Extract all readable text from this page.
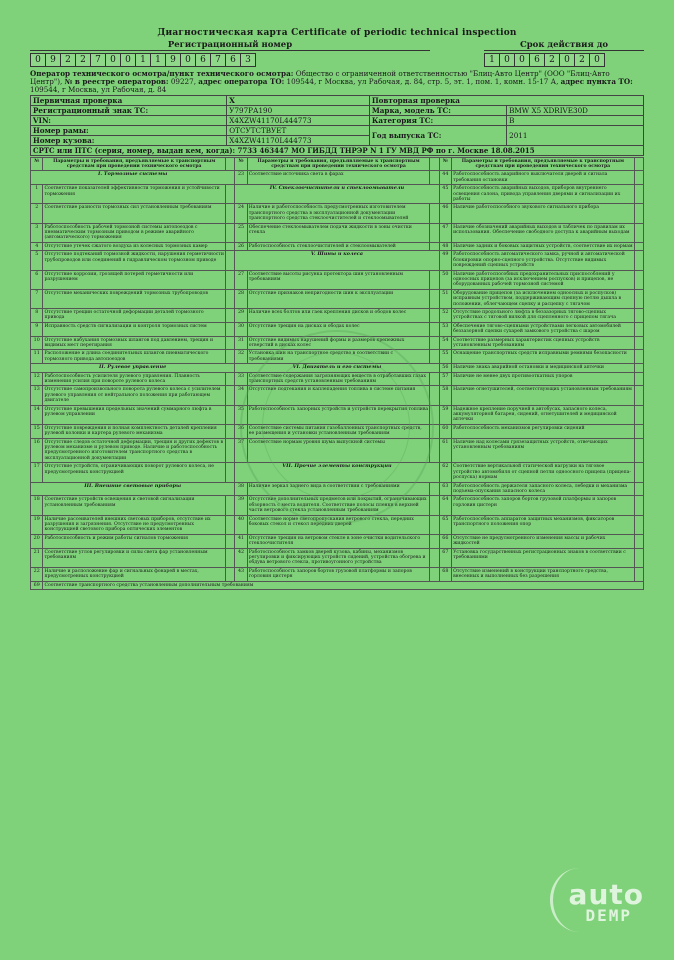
Диагностическая карта Certificate of periodic technical inspection
Регистрационный номер
0	9	2	2	7	0	0	1	1	9	0	6	7	6	3
Срок действия до
1	0	0	6	2	0	2	0
Оператор технического осмотра/пункт технического осмотра: Общество с ограниченной ответственностью "Блиц-Авто Центр" (ООО "Блиц-Авто Центр"), № в реестре операторов: 09227, адрес оператора ТО: 109544, г Москва, ул Рабочая, д. 84, стр. 5, эт. 1, пом. 1, комн. 15-17 А, адрес пункта ТО: 109544, г Москва, ул Рабочая, д. 84
Первичная проверка	X	Повторная проверка	
Регистрационный знак ТС:	У797РА190	Марка, модель ТС:	BMW X5 XDRIVE30D
VIN:	X4XZW41170L444773	Категория ТС:	B
Номер рамы:	ОТСУТСТВУЕТ	Год выпуска ТС:	2011
Номер кузова:	X4XZW41170L444773		
СРТС или ПТС (серия, номер, выдан кем, когда): 7733 463447 МО ГИБДД ТНРЭР N 1 ГУ МВД РФ по г. Москве 18.08.2015
№	Параметры и требования, предъявляемые к транспортным средствам при проведении технического осмотра		№	Параметры и требования, предъявляемые к транспортным средствам при проведении технического осмотра		№	Параметры и требования, предъявляемые к транспортным средствам при проведении технического осмотра	
I. Тормозные системы			23	Соответствие источника света в фарах		44	Работоспособность аварийного выключателя дверей и сигнала требования остановки	
1	Соответствие показателей эффективности торможения и устойчивости торможения		IV. Стеклоочистители и стеклоомыватели			45	Работоспособность аварийных выходов, приборов внутреннего освещения салона, привода управления дверями и сигнализации их работы	
2	Соответствие разности тормозных сил установленным требованиям		24	Наличие и работоспособность предусмотренных изготовителем транспортного средства в эксплуатационной документации транспортного средства стеклоочистителей и стеклоомывателей		46	Наличие работоспособного звукового сигнального прибора	
3	Работоспособность рабочей тормозной системы автопоездов с пневматическим тормозным приводом в режиме аварийного (автоматического) торможения		25	Обеспечение стеклоомывателем подачи жидкости в зоны очистки стекла		47	Наличие обозначений аварийных выходов и табличек по правилам их использования. Обеспечение свободного доступа к аварийным выходам	
4	Отсутствие утечек сжатого воздуха из колесных тормозных камер		26	Работоспособность стеклоочистителей и стеклоомывателей		48	Наличие задних и боковых защитных устройств, соответствие их нормам	
5	Отсутствие подтеканий тормозной жидкости, нарушения герметичности трубопроводов или соединений в гидравлическом тормозном приводе		V. Шины и колеса			49	Работоспособность автоматического замка, ручной и автоматической блокировки опорно-сцепного устройства. Отсутствие видимых повреждений сцепных устройств	
6	Отсутствие коррозии, грозящей потерей герметичности или разрушением		27	Соответствие высоты рисунка протектора шин установленным требованиям		50	Наличие работоспособных предохранительных приспособлений у одноосных прицепов (за исключением роспусков) и прицепов, не оборудованных рабочей тормозной системой	
7	Отсутствие механических повреждений тормозных трубопроводов		28	Отсутствие признаков непригодности шин к эксплуатации		51	Оборудование прицепов (за исключением одноосных и роспусков) исправным устройством, поддерживающим сцепную петлю дышла в положении, облегчающем сцепку и расцепку с тягачом	
8	Отсутствие трещин остаточной деформации деталей тормозного привода		29	Наличие всех болтов или гаек крепления дисков и ободов колес		52	Отсутствие продольного люфта в беззазорных тягово-сцепных устройствах с тяговой вилкой для сцепленного с прицепом тягача	
9	Исправность средств сигнализации и контроля тормозных систем		30	Отсутствие трещин на дисках и ободах колес		53	Обеспечение тягово-сцепными устройствами легковых автомобилей беззазорной сцепки сухарей замкового устройства с шаром	
10	Отсутствие набухания тормозных шлангов под давлением, трещин и видимых мест перетирания		31	Отсутствие видимых нарушений формы и размеров крепежных отверстий в дисках колес		54	Соответствие размерных характеристик сцепных устройств установленным требованиям	
11	Расположение и длина соединительных шлангов пневматического тормозного привода автопоездов		32	Установка шин на транспортное средство в соответствии с требованиями		55	Оснащение транспортных средств исправными ремнями безопасности	
II. Рулевое управление			VI. Двигатель и его системы			56	Наличие знака аварийной остановки и медицинской аптечки	
12	Работоспособность усилителя рулевого управления. Плавность изменения усилия при повороте рулевого колеса		33	Соответствие содержания загрязняющих веществ в отработавших газах транспортных средств установленным требованиям		57	Наличие не менее двух противооткатных упоров	
13	Отсутствие самопроизвольного поворота рулевого колеса с усилителем рулевого управления от нейтрального положения при работающем двигателе		34	Отсутствие подтекания и каплепадения топлива в системе питания		58	Наличие огнетушителей, соответствующих установленным требованиям	
14	Отсутствие превышения предельных значений суммарного люфта в рулевом управлении		35	Работоспособность запорных устройств и устройств перекрытия топлива		59	Надежное крепление поручней в автобусах, запасного колеса, аккумуляторной батареи, сидений, огнетушителей и медицинской аптечки	
15	Отсутствие повреждения и полная комплектность деталей крепления рулевой колонки и картера рулевого механизма		36	Соответствие системы питания газобаллонных транспортных средств, ее размещения и установки установленным требованиям		60	Работоспособность механизмов регулировки сидений	
16	Отсутствие следов остаточной деформации, трещин и других дефектов в рулевом механизме и рулевом приводе. Наличие и работоспособность предусмотренного изготовителем транспортного средства в эксплуатационной документации		37	Соответствие нормам уровня шума выпускной системы		61	Наличие над колесами грязезащитных устройств, отвечающих установленным требованиям	
17	Отсутствие устройств, ограничивающих поворот рулевого колеса, не предусмотренных конструкцией		VII. Прочие элементы конструкции			62	Соответствие вертикальной статической нагрузки на тяговое устройство автомобиля от сцепной петли одноосного прицепа (прицепа-роспуска) нормам	
III. Внешние световые приборы			38	Наличие зеркал заднего вида в соответствии с требованиями		63	Работоспособность держателя запасного колеса, лебедки и механизма подъема-опускания запасного колеса	
18	Соответствие устройств освещения и световой сигнализации установленным требованиям		39	Отсутствие дополнительных предметов или покрытий, ограничивающих обзорность с места водителя. Соответствие полосы пленки в верхней части ветрового стекла установленным требованиям		64	Работоспособность запоров бортов грузовой платформы и запоров горловин цистерн	
19	Наличие рассеивателей внешних световых приборов, отсутствие их разрушения и загрязнения. Отсутствие не предусмотренных конструкцией светового прибора оптических элементов		40	Соответствие норме светопропускания ветрового стекла, передних боковых стекол и стекол передних дверей		65	Работоспособность аппаратов защитных механизмов, фиксаторов транспортного положения опор	
20	Работоспособность и режим работы сигналов торможения		41	Отсутствие трещин на ветровом стекле в зоне очистки водительского стеклоочистителя		66	Отсутствие не предусмотренного изменения массы и рабочих жидкостей	
21	Соответствие углов регулировки и силы света фар установленным требованиям		42	Работоспособность замков дверей кузова, кабины, механизмов регулировки и фиксирующих устройств сидений, устройства обогрева и обдува ветрового стекла, противоугонного устройства		67	Установка государственных регистрационных знаков в соответствии с требованиями	
22	Наличие и расположение фар и сигнальных фонарей в местах, предусмотренных конструкцией		43	Работоспособность запоров бортов грузовой платформы и запоров горловин цистерн		68	Отсутствие изменений в конструкции транспортного средства, внесенных и выполненных без разрешения	
69	Соответствие транспортного средства установленным дополнительным требованиям							
auto
DEMP
